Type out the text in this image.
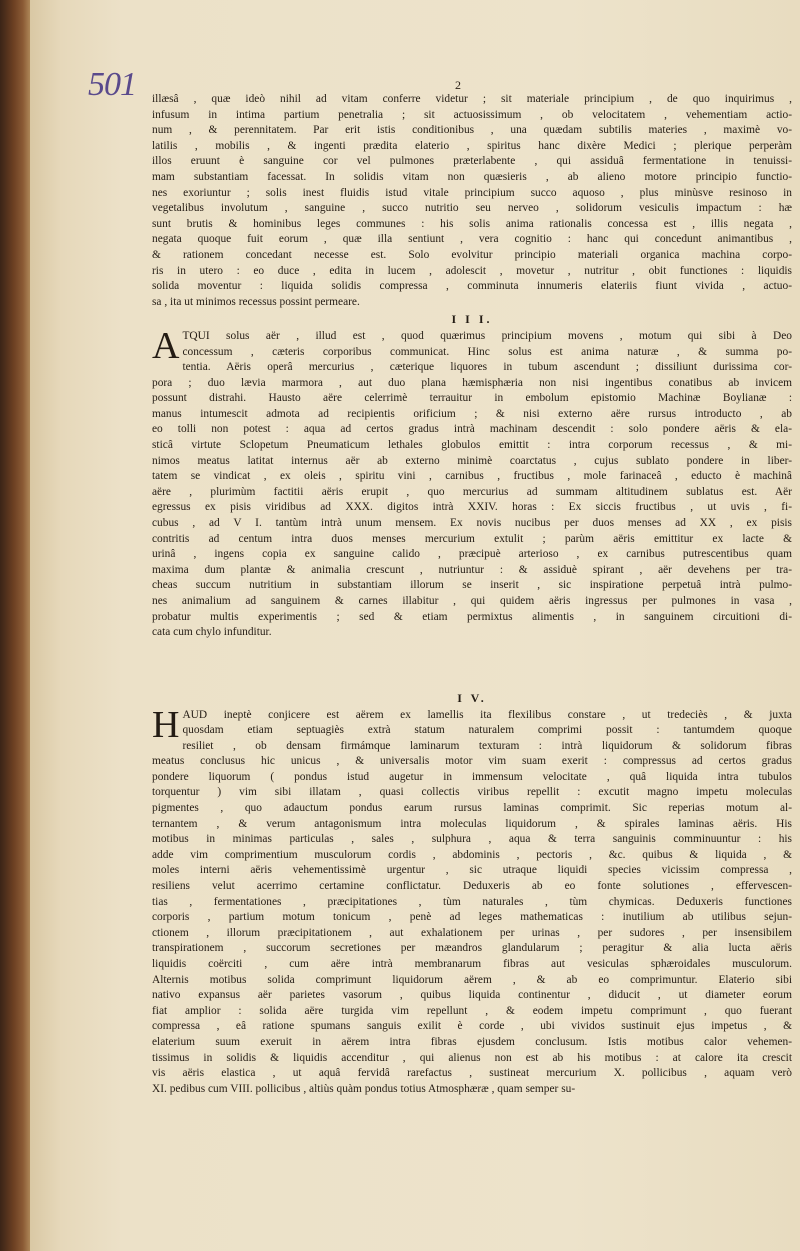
501	2
illæsâ , quæ ideò nihil ad vitam conferre videtur ; sit materiale principium , de quo inquirimus ,
infusum in intima partium penetralia ; sit actuosissimum , ob velocitatem , vehementiam actio-
num , & perennitatem. Par erit istis conditionibus , una quædam subtilis materies , maximè vo-
latilis , mobilis , & ingenti prædita elaterio , spiritus hanc dixère Medici ; plerique perperàm
illos eruunt è sanguine cor vel pulmones præterlabente , qui assiduâ fermentatione in tenuissi-
mam substantiam facessat. In solidis vitam non quæsieris , ab alieno motore principio functio-
nes exoriuntur ; solis inest fluidis istud vitale principium succo aquoso , plus minùsve resinoso in
vegetalibus involutum , sanguine , succo nutritio seu nerveo , solidorum vesiculis impactum : hæ
sunt brutis & hominibus leges communes : his solis anima rationalis concessa est , illis negata ,
negata quoque fuit eorum , quæ illa sentiunt , vera cognitio : hanc qui concedunt animantibus ,
& rationem concedant necesse est. Solo evolvitur principio materiali organica machina corpo-
ris in utero : eo duce , edita in lucem , adolescit , movetur , nutritur , obit functiones : liquidis
solida moventur : liquida solidis compressa , comminuta innumeris elateriis fiunt vivida , actuo-
sa , ita ut minimos recessus possint permeare.
I I I.
A TQUI solus aër , illud est , quod quærimus principium movens , motum qui sibi à Deo
concessum , cæteris corporibus communicat. Hinc solus est anima naturæ , & summa po-
tentia. Aëris operâ mercurius , cæterique liquores in tubum ascendunt ; dissiliunt durissima cor-
pora ; duo lævia marmora , aut duo plana hæmisphæria non nisi ingentibus conatibus ab invicem
possunt distrahi. Hausto aëre celerrimè terrauitur in embolum epistomio Machinæ Boylianæ :
manus intumescit admota ad recipientis orificium ; & nisi externo aëre rursus introducto , ab
eo tolli non potest : aqua ad certos gradus intrà machinam descendit : solo pondere aëris & ela-
sticâ virtute Sclopetum Pneumaticum lethales globulos emittit : intra corporum recessus , & mi-
nimos meatus latitat internus aër ab externo minimè coarctatus , cujus sublato pondere in liber-
tatem se vindicat , ex oleis , spiritu vini , carnibus , fructibus , mole farinaceâ , educto è machinâ
aëre , plurimùm factitii aëris erupit , quo mercurius ad summam altitudinem sublatus est. Aër
egressus ex pisis viridibus ad XXX. digitos intrà XXIV. horas : Ex siccis fructibus , ut uvis , fi-
cubus , ad V I. tantùm intrà unum mensem. Ex novis nucibus per duos menses ad XX , ex pisis
contritis ad centum intra duos menses mercurium extulit ; parùm aëris emittitur ex lacte &
urinâ , ingens copia ex sanguine calido , præcipuè arterioso , ex carnibus putrescentibus quam
maxima dum plantæ & animalia crescunt , nutriuntur : & assiduè spirant , aër devehens per tra-
cheas succum nutritium in substantiam illorum se inserit , sic inspiratione perpetuâ intrà pulmo-
nes animalium ad sanguinem & carnes illabitur , qui quidem aëris ingressus per pulmones in vasa ,
probatur multis experimentis ; sed & etiam permixtus alimentis , in sanguinem circuitioni di-
cata cum chylo infunditur.
I V.
H AUD ineptè conjicere est aërem ex lamellis ita flexilibus constare , ut tredeciès , & juxta
quosdam etiam septuagiès extrà statum naturalem comprimi possit : tantumdem quoque
resiliet , ob densam firmámque laminarum texturam : intrà liquidorum & solidorum fibras
meatus conclusus hic unicus , & universalis motor vim suam exerit : compressus ad certos gradus
pondere liquorum ( pondus istud augetur in immensum velocitate , quâ liquida intra tubulos
torquentur ) vim sibi illatam , quasi collectis viribus repellit : excutit magno impetu moleculas
pigmentes , quo adauctum pondus earum rursus laminas comprimit. Sic reperias motum al-
ternantem , & verum antagonismum intra moleculas liquidorum , & spirales laminas aëris. His
motibus in minimas particulas , sales , sulphura , aqua & terra sanguinis comminuuntur : his
adde vim comprimentium musculorum cordis , abdominis , pectoris , &c. quibus & liquida , &
moles interni aëris vehementissimè urgentur , sic utraque liquidi species vicissim compressa ,
resiliens velut acerrimo certamine conflictatur. Deduxeris ab eo fonte solutiones , effervescen-
tias , fermentationes , præcipitationes , tùm naturales , tùm chymicas. Deduxeris functiones
corporis , partium motum tonicum , penè ad leges mathematicas : inutilium ab utilibus sejun-
ctionem , illorum præcipitationem , aut exhalationem per urinas , per sudores , per insensibilem
transpirationem , succorum secretiones per mæandros glandularum ; peragitur & alia lucta aëris
liquidis coërciti , cum aëre intrà membranarum fibras aut vesiculas sphæroidales musculorum.
Alternis motibus solida comprimunt liquidorum aërem , & ab eo comprimuntur. Elaterio sibi
nativo expansus aër parietes vasorum , quibus liquida continentur , diducit , ut diameter eorum
fiat amplior : solida aëre turgida vim repellunt , & eodem impetu comprimunt , quo fuerant
compressa , eâ ratione spumans sanguis exilit è corde , ubi vividos sustinuit ejus impetus , &
elaterium suum exeruit in aërem intra fibras ejusdem conclusum. Istis motibus calor vehemen-
tissimus in solidis & liquidis accenditur , qui alienus non est ab his motibus : at calore ita crescit
vis aëris elastica , ut aquâ fervidâ rarefactus , sustineat mercurium X. pollicibus , aquam verò
XI. pedibus cum VIII. pollicibus , altiùs quàm pondus totius Atmosphæræ , quam semper su-
